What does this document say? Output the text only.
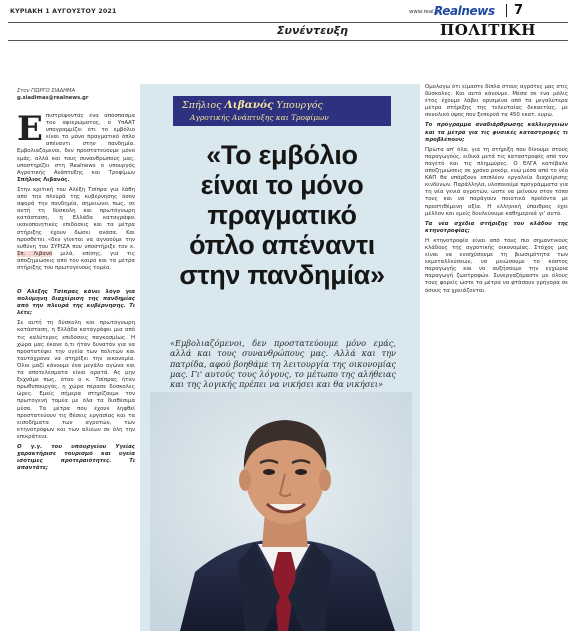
ΚΥΡΙΑΚΗ 1 ΑΥΓΟΥΣΤΟΥ 2021	www.real.gr
Realnews 7
Συνέντευξη	ΠΟΛΙΤΙΚΗ
Στον ΓΙΩΡΓΟ ΣΙΑΔΗΜΑ
g.siadimas@realnews.gr
Ε πιστρέφοντας ένα απόσπασμα του αφιερώματος, ο ΥπΑΑΤ υπογραμμίζει ότι το εμβόλιο είναι το μόνο πραγματικό όπλο απέναντι στην πανδημία. Εμβολιαζόμενοι, δεν προστατεύουμε μόνο εμάς, αλλά και τους συνανθρώπους μας, υποστηρίζει στη Realnews ο υπουργός Αγροτικής Ανάπτυξης και Τροφίμων Σπήλιος Λιβανός.

Στην κριτική του Αλέξη Τσίπρα για λάθη από την πλευρά της κυβέρνησης όσον αφορά την πανδημία, σημειώνει πως, σε αυτή τη δύσκολη και πρωτόγνωρη κατάσταση, η Ελλάδα καταγράφει ικανοποιητικές επιδόσεις και τα μέτρα στήριξης έχουν δώσει ανάσα. Και προσθέτει «δεν γίνεται να αγνοούμε την ευθύνη του ΣΥΡΙΖΑ που υποστήριξε τον κ. Σπ. Λιβανό μιλά, επίσης, για τις αποζημιώσεις από τον καιρό και τα μέτρα στήριξης του πρωτογενούς τομέα.

Ο Αλέξης Τσίπρας κάνει λόγο για πολύμηνη διαχείριση της πανδημίας από την πλευρά της κυβέρνησης. Τι λέτε;

Σε αυτή τη δύσκολη και πρωτόγνωρη κατάσταση, η Ελλάδα καταγράφει μια από τις καλύτερες επιδόσεις παγκοσμίως. Η χώρα μας έκανε ό,τι ήταν δυνατόν για να προστατέψει την υγεία των πολιτών και ταυτόχρονα να στηρίξει την οικονομία. Όλοι μαζί κάνουμε ένα μεγάλο αγώνα και τα αποτελέσματα είναι ορατά. Ας μην ξεχνάμε πως, όταν ο κ. Τσίπρας ήταν πρωθυπουργός, η χώρα πέρασε δύσκολες ώρες. Εμείς σήμερα στηρίζουμε τον πρωτογενή τομέα με όλα τα διαθέσιμα μέσα. Τα μέτρα που έχουν ληφθεί προστατεύουν τις θέσεις εργασίας και τα εισοδήματα των αγροτών, των κτηνοτρόφων και των αλιέων σε όλη την επικράτεια.

Ο γ.γ. του υπουργείου Υγείας χαρακτήρισε τουρισμό και υγεία ισότιμες προτεραιότητες. Τι απαντάτε;

Σπήλιος Λιβανός Υπουργός
Αγροτικής Ανάπτυξης και Τροφίμων
«Το εμβόλιο
είναι το μόνο
πραγματικό
όπλο απέναντι
στην πανδημία»
«Εμβολιαζόμενοι, δεν προστατεύουμε μόνο εμάς, αλλά και τους συνανθρώπους μας. Αλλά και την πατρίδα, αφού βοηθάμε τη λειτουργία της οικονομίας μας. Γι' αυτούς τους λόγους, το μέτωπο της αλήθειας και της λογικής πρέπει να νικήσει και θα νικήσει»

Ομολογώ ότι είμαστε δίπλα στους αγρότες μας στις δύσκολες. Και αυτό κάνουμε. Μέσα σε ένα μόλις έτος έχουμε λάβει ορισμένα από τα μεγαλύτερα μέτρα στήριξης της τελευταίας δεκαετίας, με συνολικό ύψος που ξεπερνά τα 450 εκατ. ευρώ.

Το πρόγραμμα αναδιάρθρωσης καλλιεργειών και τα μέτρα για τις φυσικές καταστροφές τι προβλέπουν;

Πρώτα απ' όλα, για τη στήριξη που δίνουμε στους παραγωγούς, ειδικά μετά τις καταστροφές από τον παγετό και τις πλημμύρες. Ο ΕΛΓΑ κατέβαλε αποζημιώσεις σε χρόνο ρεκόρ, ενώ μέσα από το νέο ΚΑΠ θα υπάρξουν επιπλέον εργαλεία διαχείρισης κινδύνων. Παράλληλα, υλοποιούμε προγράμματα για τη νέα γενιά αγροτών, ώστε να μείνουν στον τόπο τους και να παράγουν ποιοτικά προϊόντα με προστιθέμενη αξία. Η ελληνική ύπαιθρος έχει μέλλον και εμείς δουλεύουμε καθημερινά γι' αυτό.

Τα νέα σχέδια στήριξης του κλάδου της κτηνοτροφίας;

Η κτηνοτροφία είναι από τους πιο σημαντικούς κλάδους της αγροτικής οικονομίας. Στόχος μας είναι να ενισχύσουμε τη βιωσιμότητα των εκμεταλλεύσεων, να μειώσουμε το κόστος παραγωγής και να αυξήσουμε την εγχώρια παραγωγή ζωοτροφών. Συνεργαζόμαστε με όλους τους φορείς ώστε τα μέτρα να φτάσουν γρήγορα σε όσους τα χρειάζονται.
